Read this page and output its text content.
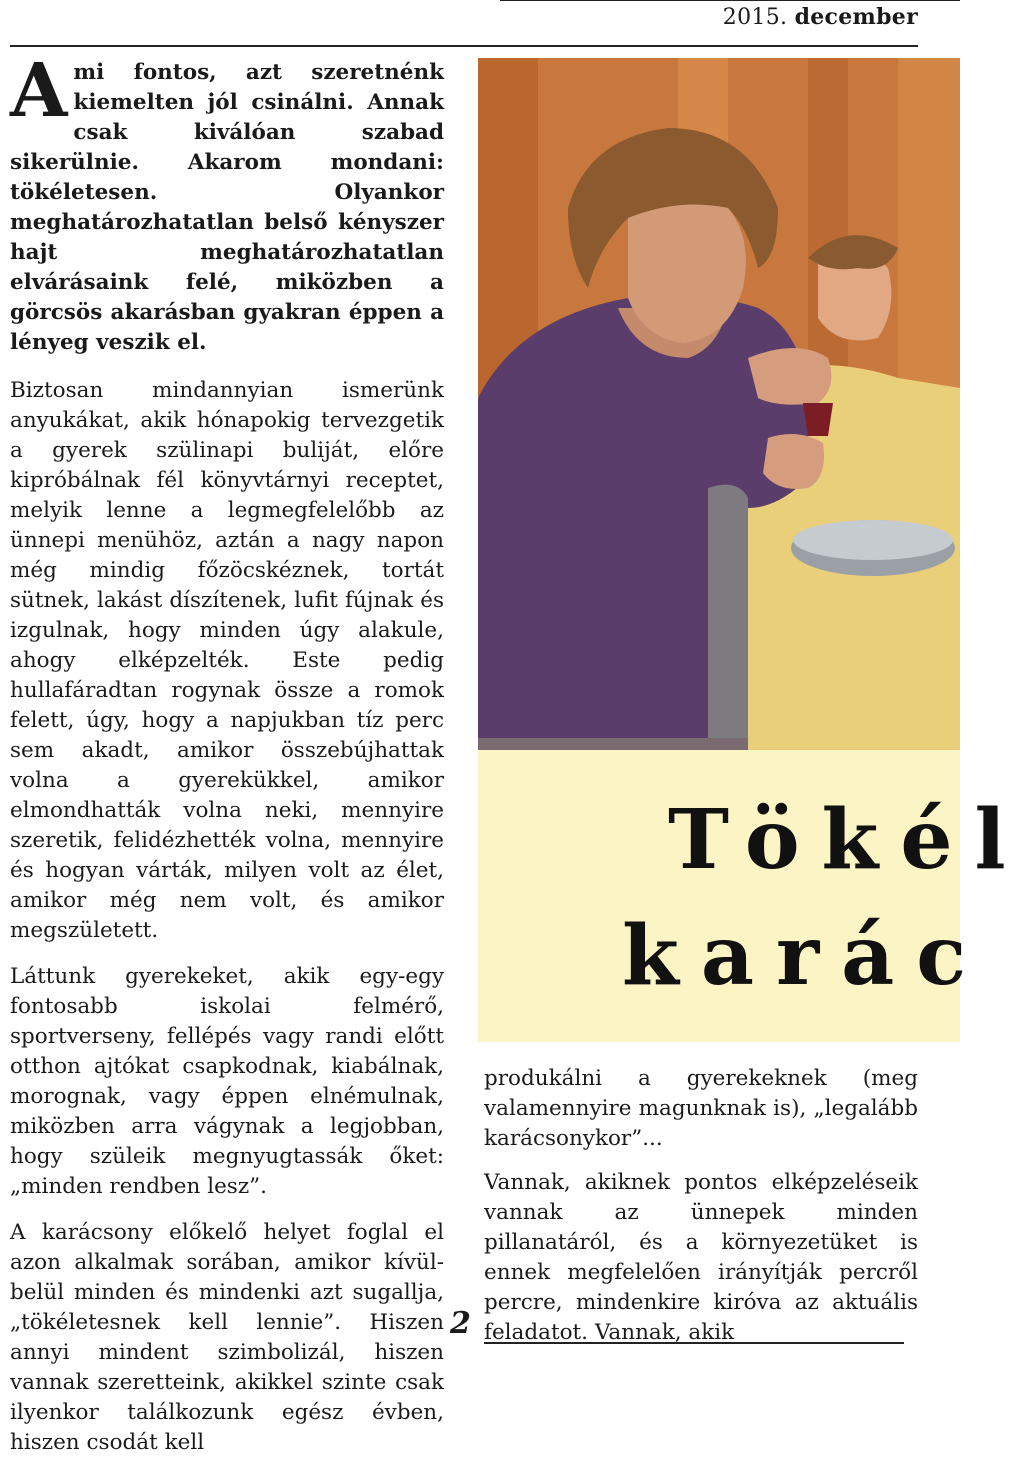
2015. december

A mi fontos, azt szeretnénk kiemelten jól csinálni. Annak csak kiválóan szabad sikerülnie. Akarom mondani: tökéletesen. Olyankor meghatározhatatlan belső kényszer hajt meghatározhatatlan elvárásaink felé, miközben a görcsös akarásban gyakran éppen a lényeg veszik el.

Biztosan mindannyian ismerünk anyukákat, akik hónapokig tervezgetik a gyerek szülinapi buliját, előre kipróbálnak fél könyvtárnyi receptet, melyik lenne a legmegfelelőbb az ünnepi menühöz, aztán a nagy napon még mindig főzöcskéznek, tortát sütnek, lakást díszítenek, lufit fújnak és izgulnak, hogy minden úgy alakule, ahogy elképzelték. Este pedig hullafáradtan rogynak össze a romok felett, úgy, hogy a napjukban tíz perc sem akadt, amikor összebújhattak volna a gyerekükkel, amikor elmondhatták volna neki, mennyire szeretik, felidézhették volna, mennyire és hogyan várták, milyen volt az élet, amikor még nem volt, és amikor megszületett.

Láttunk gyerekeket, akik egy-egy fontosabb iskolai felmérő, sportverseny, fellépés vagy randi előtt otthon ajtókat csapkodnak, kiabálnak, morognak, vagy éppen elnémulnak, miközben arra vágynak a legjobban, hogy szüleik megnyugtassák őket: „minden rendben lesz”.

A karácsony előkelő helyet foglal el azon alkalmak sorában, amikor kívül-belül minden és mindenki azt sugallja, „tökéletesnek kell lennie”. Hiszen annyi mindent szimbolizál, hiszen vannak szeretteink, akikkel szinte csak ilyenkor találkozunk egész évben, hiszen csodát kell

Tökél
karác

produkálni a gyerekeknek (meg valamennyire magunknak is), „legalább karácsonykor”...

Vannak, akiknek pontos elképzeléseik vannak az ünnepek minden pillanatáról, és a környezetüket is ennek megfelelően irányítják percről percre, mindenkire kiróva az aktuális feladatot. Vannak, akik

2
